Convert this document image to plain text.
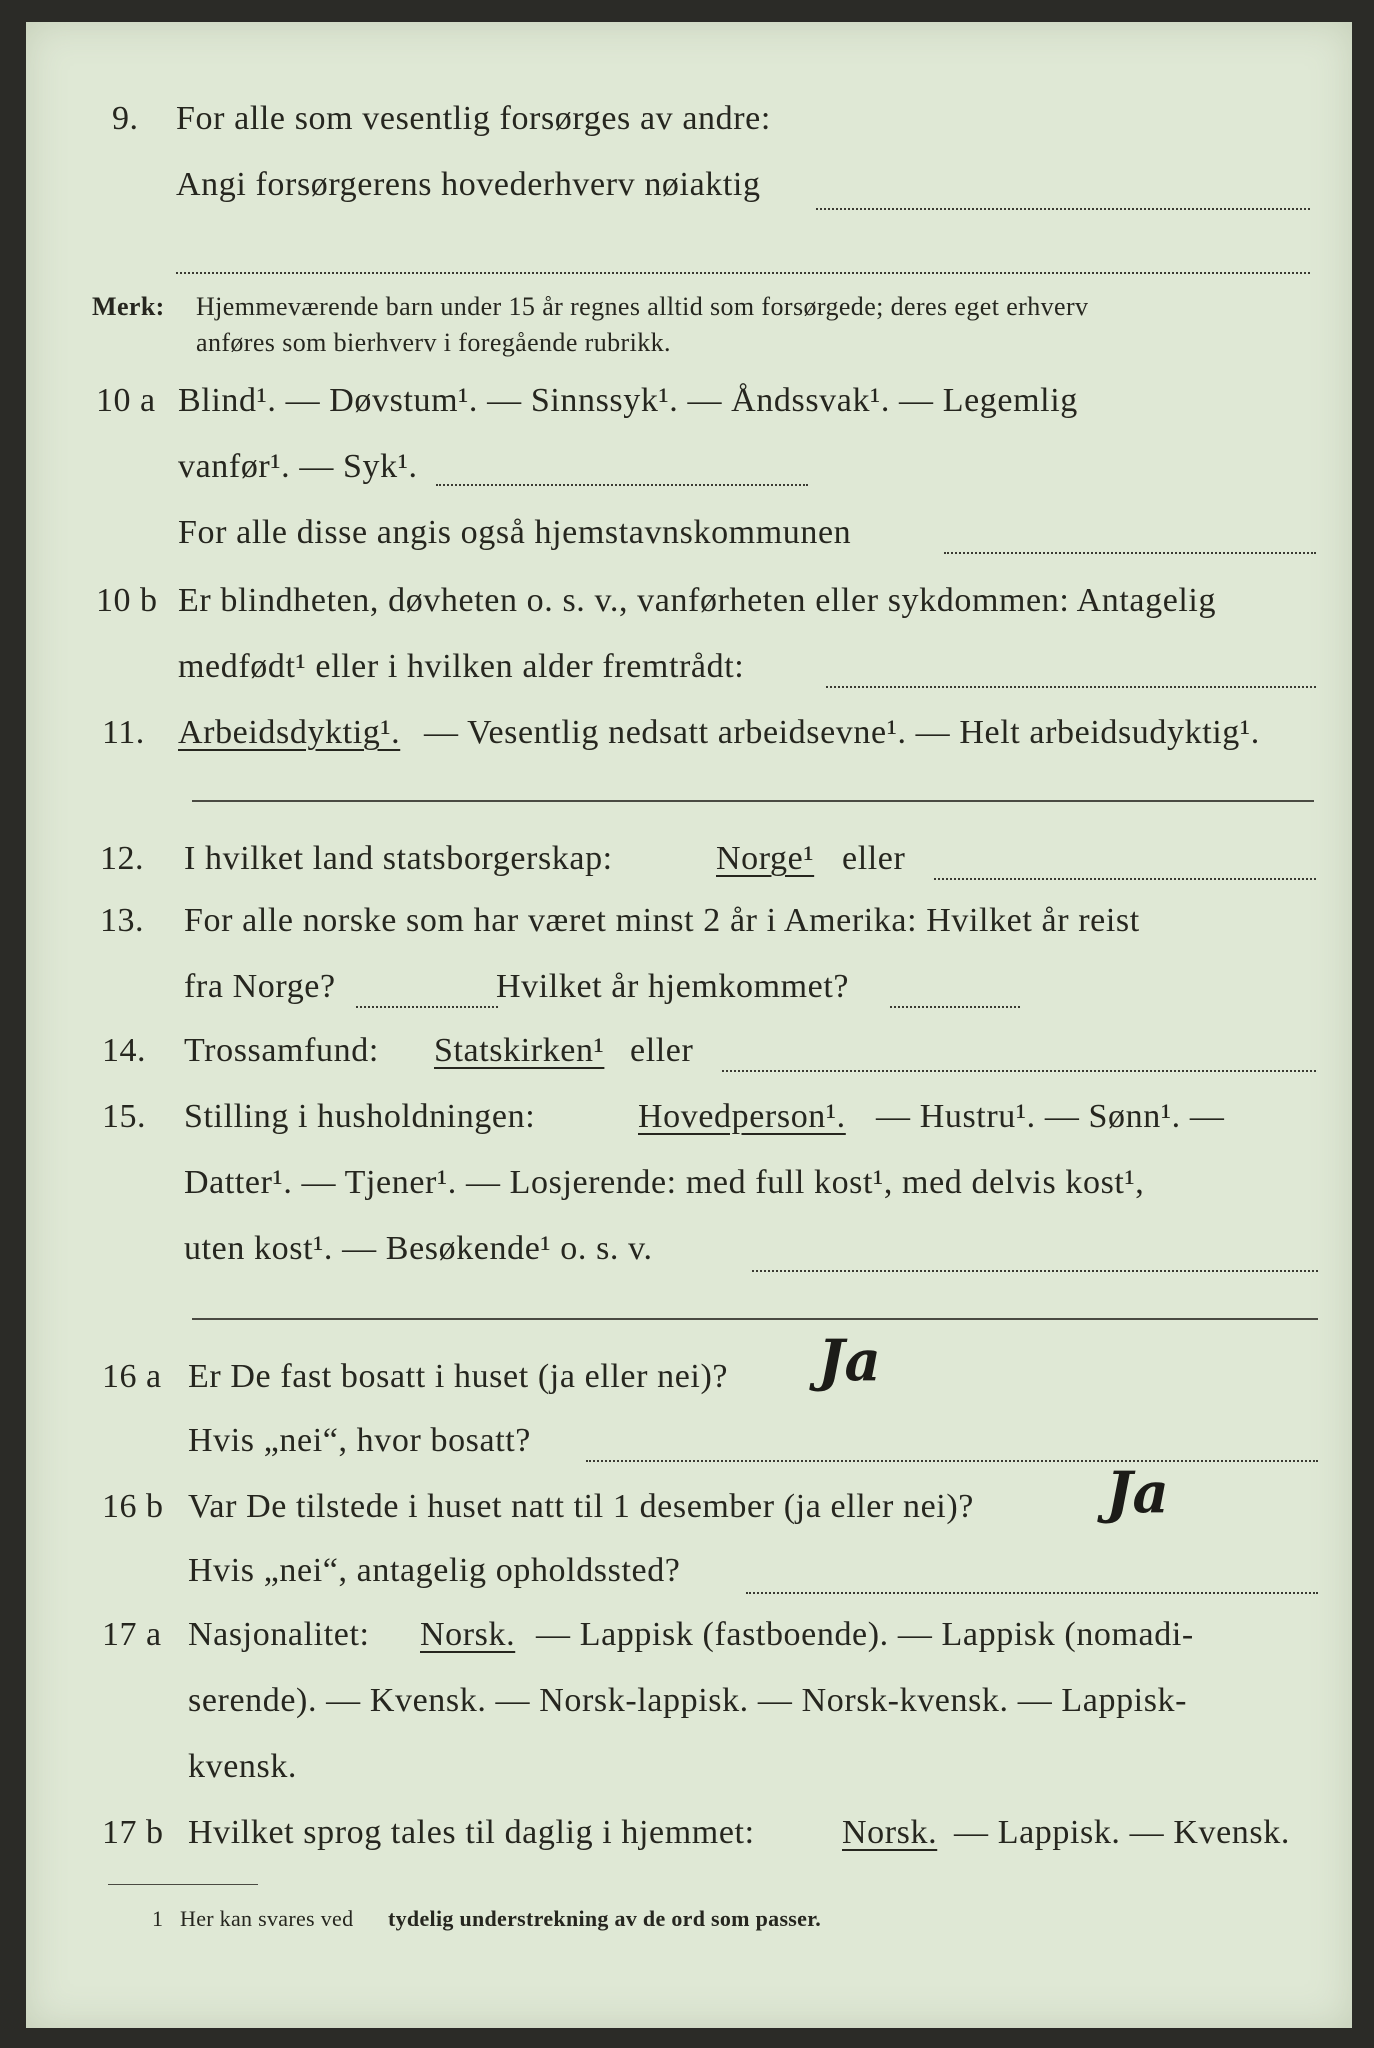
9. For alle som vesentlig forsørges av andre:
Angi forsørgerens hovederhverv nøiaktig
Merk: Hjemmeværende barn under 15 år regnes alltid som forsørgede; deres eget erhverv
anføres som bierhverv i foregående rubrikk.
10 a Blind¹. — Døvstum¹. — Sinnssyk¹. — Åndssvak¹. — Legemlig
vanfør¹. — Syk¹.
For alle disse angis også hjemstavnskommunen
10 b Er blindheten, døvheten o. s. v., vanførheten eller sykdommen: Antagelig
medfødt¹ eller i hvilken alder fremtrådt:
11. Arbeidsdyktig¹. — Vesentlig nedsatt arbeidsevne¹. — Helt arbeidsudyktig¹.
12. I hvilket land statsborgerskap:	Norge¹ eller
13. For alle norske som har været minst 2 år i Amerika: Hvilket år reist
fra Norge?	Hvilket år hjemkommet?
14. Trossamfund: Statskirken¹ eller
15. Stilling i husholdningen:	Hovedperson¹. — Hustru¹. — Sønn¹. —
Datter¹. — Tjener¹. — Losjerende: med full kost¹, med delvis kost¹,
uten kost¹. — Besøkende¹ o. s. v.
16 a Er De fast bosatt i huset (ja eller nei)? Ja
Hvis „nei“, hvor bosatt?
16 b Var De tilstede i huset natt til 1 desember (ja eller nei)? Ja
Hvis „nei“, antagelig opholdssted?
17 a Nasjonalitet: Norsk. — Lappisk (fastboende). — Lappisk (nomadi-
serende). — Kvensk. — Norsk-lappisk. — Norsk-kvensk. — Lappisk-
kvensk.
17 b Hvilket sprog tales til daglig i hjemmet:	Norsk. — Lappisk. — Kvensk.
1 Her kan svares ved tydelig understrekning av de ord som passer.
